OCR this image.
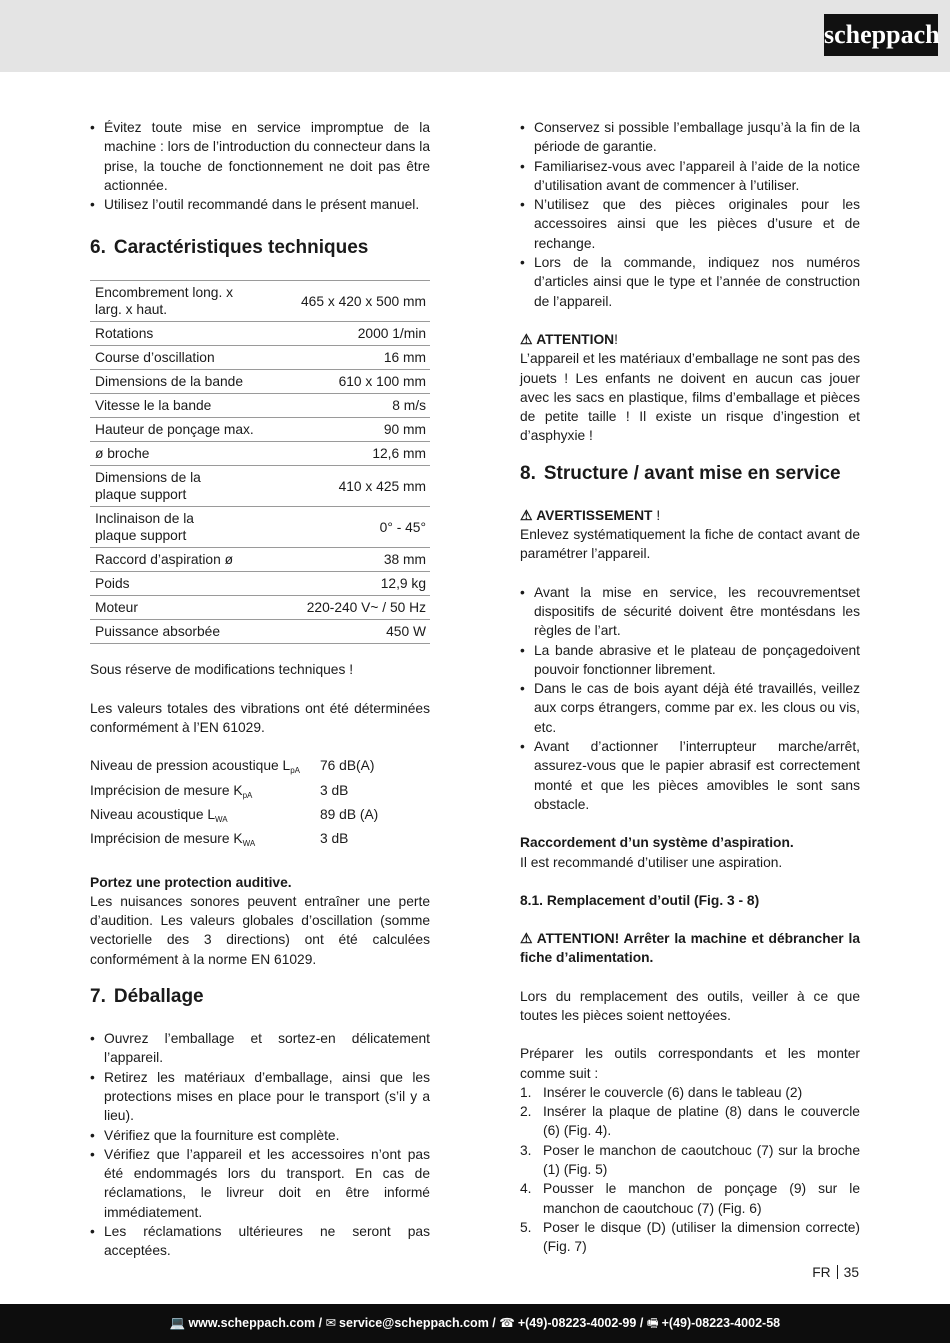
scheppach
• Évitez toute mise en service impromptue de la machine : lors de l’introduction du connecteur dans la prise, la touche de fonctionnement ne doit pas être actionnée.
• Utilisez l’outil recommandé dans le présent manuel.
6. Caractéristiques techniques
Encombrement long. x larg. x haut.	465 x 420 x 500 mm
Rotations	2000 1/min
Course d’oscillation	16 mm
Dimensions de la bande	610 x 100 mm
Vitesse le la bande	8 m/s
Hauteur de ponçage max.	90 mm
ø broche	12,6 mm
Dimensions de la plaque support	410 x 425 mm
Inclinaison de la plaque support	0° - 45°
Raccord d’aspiration ø	38 mm
Poids	12,9 kg
Moteur	220-240 V~ / 50 Hz
Puissance absorbée	450 W

Sous réserve de modifications techniques !

Les valeurs totales des vibrations ont été déterminées conformément à l’EN 61029.

Niveau de pression acoustique $L_{pA}$	76 dB(A)
Imprécision de mesure $K_{pA}$	3 dB
Niveau acoustique $L_{WA}$	89 dB (A)
Imprécision de mesure $K_{WA}$	3 dB

Portez une protection auditive.

Les nuisances sonores peuvent entraîner une perte d’audition. Les valeurs globales d’oscillation (somme vectorielle des 3 directions) ont été calculées conformément à la norme EN 61029.

7. Déballage
• Ouvrez l’emballage et sortez-en délicatement l’appareil.
• Retirez les matériaux d’emballage, ainsi que les protections mises en place pour le transport (s’il y a lieu).
• Vérifiez que la fourniture est complète.
• Vérifiez que l’appareil et les accessoires n’ont pas été endommagés lors du transport. En cas de réclamations, le livreur doit en être informé immédiatement.
• Les réclamations ultérieures ne seront pas acceptées.
• Conservez si possible l’emballage jusqu’à la fin de la période de garantie.
• Familiarisez-vous avec l’appareil à l’aide de la notice d’utilisation avant de commencer à l’utiliser.
• N’utilisez que des pièces originales pour les accessoires ainsi que les pièces d’usure et de rechange.
• Lors de la commande, indiquez nos numéros d’articles ainsi que le type et l’année de construction de l’appareil.

⚠ ATTENTION!

L’appareil et les matériaux d’emballage ne sont pas des jouets ! Les enfants ne doivent en aucun cas jouer avec les sacs en plastique, films d’emballage et pièces de petite taille ! Il existe un risque d’ingestion et d’asphyxie !

8. Structure / avant mise en service

⚠ AVERTISSEMENT !

Enlevez systématiquement la fiche de contact avant de paramétrer l’appareil.

• Avant la mise en service, les recouvrementset dispositifs de sécurité doivent être montésdans les règles de l’art.
• La bande abrasive et le plateau de ponçagedoivent pouvoir fonctionner librement.
• Dans le cas de bois ayant déjà été travaillés, veillez aux corps étrangers, comme par ex. les clous ou vis, etc.
• Avant d’actionner l’interrupteur marche/arrêt, assurez-vous que le papier abrasif est correctement monté et que les pièces amovibles le sont sans obstacle.

Raccordement d’un système d’aspiration.

Il est recommandé d’utiliser une aspiration.

8.1. Remplacement d’outil (Fig. 3 - 8)

⚠ ATTENTION! Arrêter la machine et débrancher la fiche d’alimentation.

Lors du remplacement des outils, veiller à ce que toutes les pièces soient nettoyées.

Préparer les outils correspondants et les monter comme suit :

1. Insérer le couvercle (6) dans le tableau (2)
2. Insérer la plaque de platine (8) dans le couvercle (6) (Fig. 4).
3. Poser le manchon de caoutchouc (7) sur la broche (1) (Fig. 5)
4. Pousser le manchon de ponçage (9) sur le manchon de caoutchouc (7) (Fig. 6)
5. Poser le disque (D) (utiliser la dimension correcte) (Fig. 7)
FR 35
💻 www.scheppach.com / ✉ service@scheppach.com / ☎ +(49)-08223-4002-99 / 🖷 +(49)-08223-4002-58
